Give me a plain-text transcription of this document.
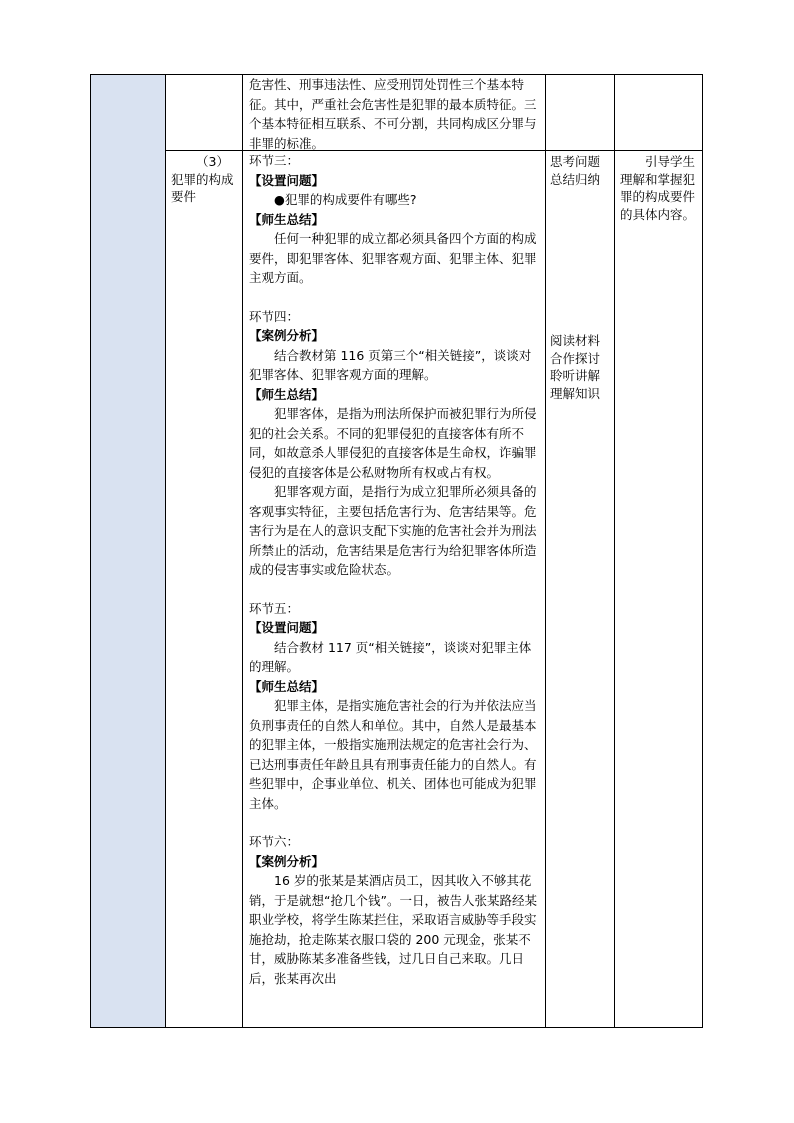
危害性、刑事违法性、应受刑罚处罚性三个基本特征。其中，严重社会危害性是犯罪的最本质特征。三个基本特征相互联系、不可分割，共同构成区分罪与非罪的标准。

（3）

犯罪的构成要件

环节三：

【设置问题】

●犯罪的构成要件有哪些?

【师生总结】

任何一种犯罪的成立都必须具备四个方面的构成要件，即犯罪客体、犯罪客观方面、犯罪主体、犯罪主观方面。

环节四：

【案例分析】

结合教材第 116 页第三个“相关链接”，谈谈对犯罪客体、犯罪客观方面的理解。

【师生总结】

犯罪客体，是指为刑法所保护而被犯罪行为所侵犯的社会关系。不同的犯罪侵犯的直接客体有所不同，如故意杀人罪侵犯的直接客体是生命权，诈骗罪侵犯的直接客体是公私财物所有权或占有权。

犯罪客观方面，是指行为成立犯罪所必须具备的客观事实特征，主要包括危害行为、危害结果等。危害行为是在人的意识支配下实施的危害社会并为刑法所禁止的活动，危害结果是危害行为给犯罪客体所造成的侵害事实或危险状态。

环节五：

【设置问题】

结合教材 117 页“相关链接”，谈谈对犯罪主体的理解。

【师生总结】

犯罪主体，是指实施危害社会的行为并依法应当负刑事责任的自然人和单位。其中，自然人是最基本的犯罪主体，一般指实施刑法规定的危害社会行为、已达刑事责任年龄且具有刑事责任能力的自然人。有些犯罪中，企事业单位、机关、团体也可能成为犯罪主体。

环节六：

【案例分析】

16 岁的张某是某酒店员工，因其收入不够其花销，于是就想“抢几个钱”。一日，被告人张某路经某职业学校，将学生陈某拦住，采取语言威胁等手段实施抢劫，抢走陈某衣服口袋的 200 元现金，张某不甘，威胁陈某多准备些钱，过几日自己来取。几日后，张某再次出

思考问题总结归纳

阅读材料合作探讨聆听讲解理解知识

引导学生理解和掌握犯罪的构成要件的具体内容。
